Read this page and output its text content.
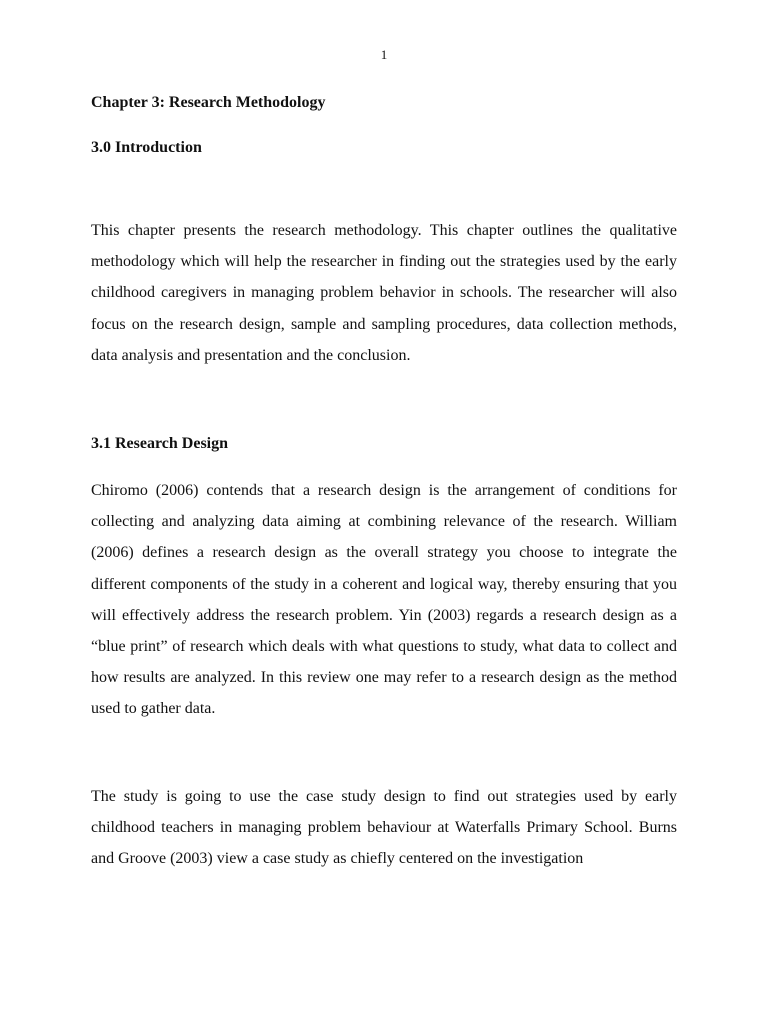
1
Chapter 3: Research Methodology
3.0 Introduction

This chapter presents the research methodology. This chapter outlines the qualitative methodology which will help the researcher in finding out the strategies used by the early childhood caregivers in managing problem behavior in schools. The researcher will also focus on the research design, sample and sampling procedures, data collection methods, data analysis and presentation and the conclusion.

3.1 Research Design

Chiromo (2006) contends that a research design is the arrangement of conditions for collecting and analyzing data aiming at combining relevance of the research. William (2006) defines a research design as the overall strategy you choose to integrate the different components of the study in a coherent and logical way, thereby ensuring that you will effectively address the research problem. Yin (2003) regards a research design as a “blue print” of research which deals with what questions to study, what data to collect and how results are analyzed. In this review one may refer to a research design as the method used to gather data.

The study is going to use the case study design to find out strategies used by early childhood teachers in managing problem behaviour at Waterfalls Primary School. Burns and Groove (2003) view a case study as chiefly centered on the investigation
